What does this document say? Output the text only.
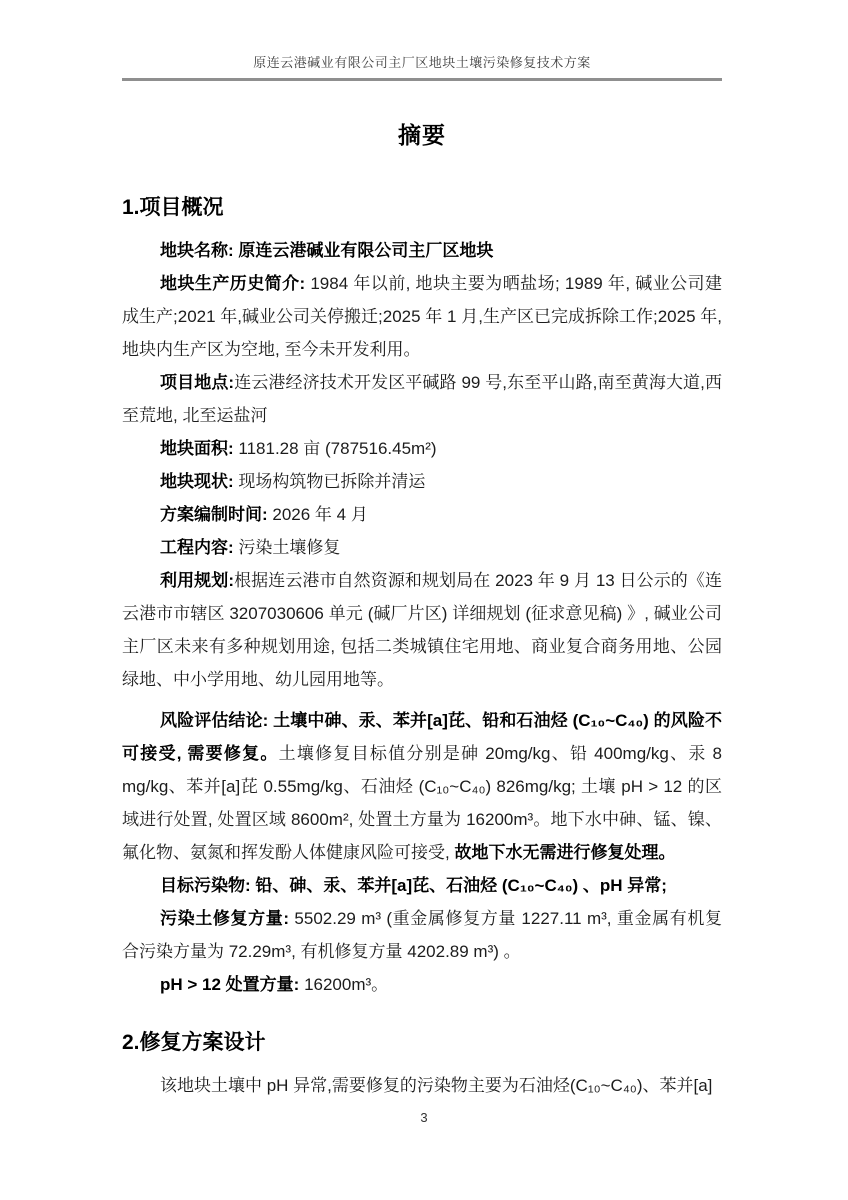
原连云港碱业有限公司主厂区地块土壤污染修复技术方案
摘要
1.项目概况

地块名称: 原连云港碱业有限公司主厂区地块

地块生产历史简介: 1984 年以前, 地块主要为晒盐场; 1989 年, 碱业公司建成生产;2021 年,碱业公司关停搬迁;2025 年 1 月,生产区已完成拆除工作;2025 年, 地块内生产区为空地, 至今未开发利用。

项目地点:连云港经济技术开发区平碱路 99 号,东至平山路,南至黄海大道,西至荒地, 北至运盐河

地块面积: 1181.28 亩 (787516.45m²)

地块现状: 现场构筑物已拆除并清运

方案编制时间: 2026 年 4 月

工程内容: 污染土壤修复

利用规划:根据连云港市自然资源和规划局在 2023 年 9 月 13 日公示的《连云港市市辖区 3207030606 单元 (碱厂片区) 详细规划 (征求意见稿) 》, 碱业公司主厂区未来有多种规划用途, 包括二类城镇住宅用地、商业复合商务用地、公园绿地、中小学用地、幼儿园用地等。

风险评估结论: 土壤中砷、汞、苯并[a]芘、铅和石油烃 (C₁₀~C₄₀) 的风险不可接受, 需要修复。土壤修复目标值分别是砷 20mg/kg、铅 400mg/kg、汞 8 mg/kg、苯并[a]芘 0.55mg/kg、石油烃 (C₁₀~C₄₀) 826mg/kg; 土壤 pH > 12 的区域进行处置, 处置区域 8600m², 处置土方量为 16200m³。地下水中砷、锰、镍、氟化物、氨氮和挥发酚人体健康风险可接受, 故地下水无需进行修复处理。

目标污染物: 铅、砷、汞、苯并[a]芘、石油烃 (C₁₀~C₄₀) 、pH 异常;

污染土修复方量: 5502.29 m³ (重金属修复方量 1227.11 m³, 重金属有机复合污染方量为 72.29m³, 有机修复方量 4202.89 m³) 。

pH > 12 处置方量: 16200m³。

2.修复方案设计

该地块土壤中 pH 异常,需要修复的污染物主要为石油烃(C₁₀~C₄₀)、苯并[a]

3
